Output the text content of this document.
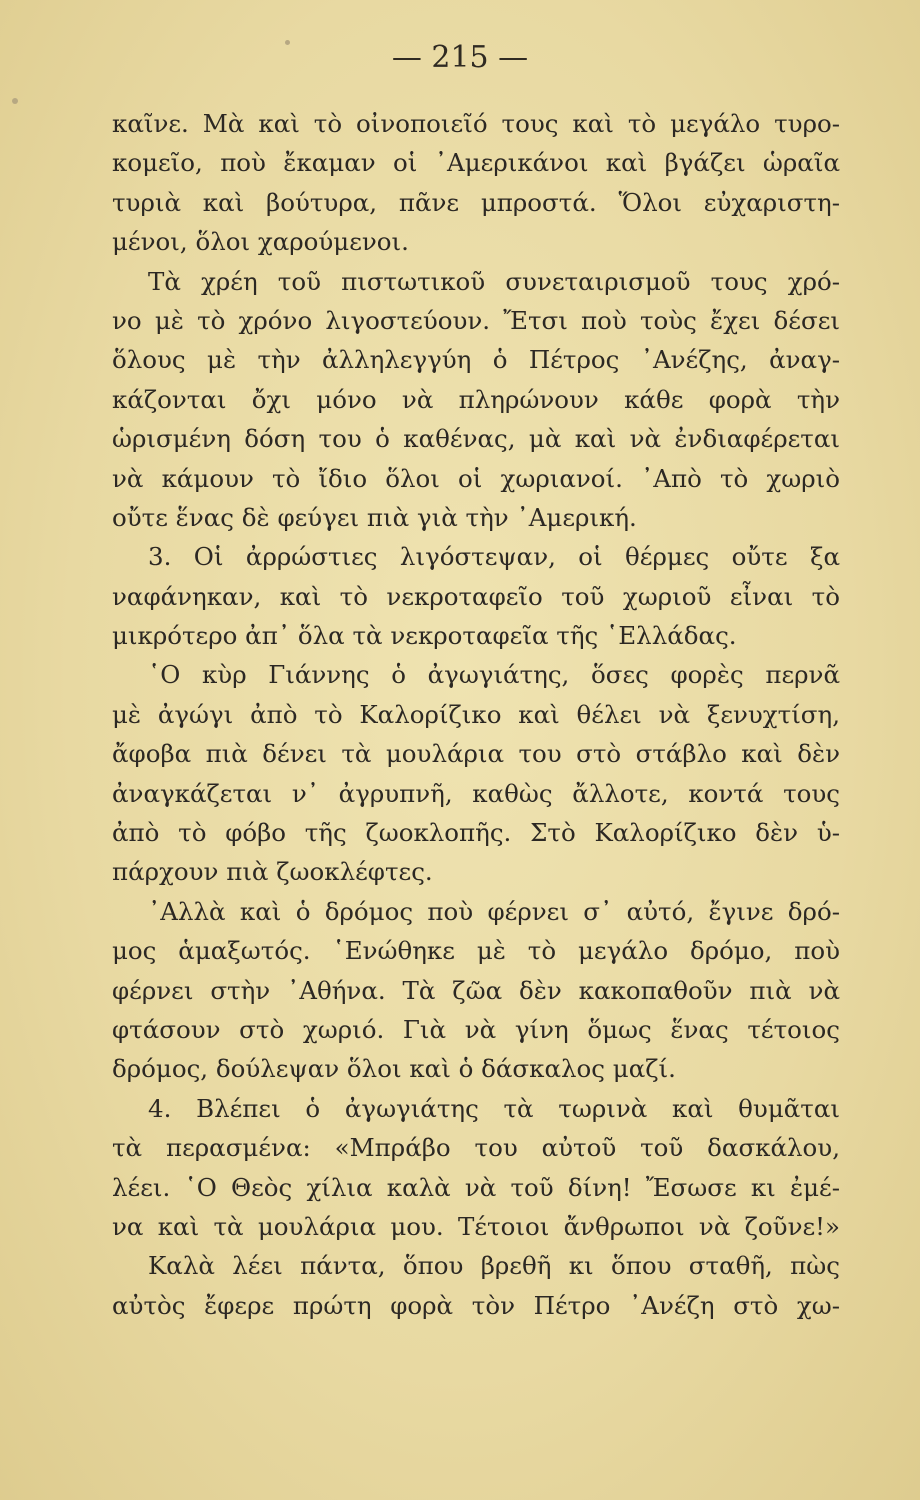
— 215 —
καῖνε. Μὰ καὶ τὸ οἰνοποιεῖό τους καὶ τὸ μεγάλο τυρο-
κομεῖο, ποὺ ἔκαμαν οἱ ᾿Αμερικάνοι καὶ βγάζει ὡραῖα
τυριὰ καὶ βούτυρα, πᾶνε μπροστά. Ὅλοι εὐχαριστη-
μένοι, ὅλοι χαρούμενοι.
Τὰ χρέη τοῦ πιστωτικοῦ συνεταιρισμοῦ τους χρό-
νο μὲ τὸ χρόνο λιγοστεύουν. Ἔτσι ποὺ τοὺς ἔχει δέσει
ὅλους μὲ τὴν ἀλληλεγγύη ὁ Πέτρος ᾿Ανέζης, ἀναγ-
κάζονται ὄχι μόνο νὰ πληρώνουν κάθε φορὰ τὴν
ὡρισμένη δόση του ὁ καθένας, μὰ καὶ νὰ ἐνδιαφέρεται
νὰ κάμουν τὸ ἴδιο ὅλοι οἱ χωριανοί. ᾿Απὸ τὸ χωριὸ
οὔτε ἕνας δὲ φεύγει πιὰ γιὰ τὴν ᾿Αμερική.
3. Οἱ ἀρρώστιες λιγόστεψαν, οἱ θέρμες οὔτε ξα
ναφάνηκαν, καὶ τὸ νεκροταφεῖο τοῦ χωριοῦ εἶναι τὸ
μικρότερο ἀπ᾿ ὅλα τὰ νεκροταφεῖα τῆς ῾Ελλάδας.
῾Ο κὺρ Γιάννης ὁ ἀγωγιάτης, ὅσες φορὲς περνᾶ
μὲ ἀγώγι ἀπὸ τὸ Καλορίζικο καὶ θέλει νὰ ξενυχτίση,
ἄφοβα πιὰ δένει τὰ μουλάρια του στὸ στάβλο καὶ δὲν
ἀναγκάζεται ν᾿ ἀγρυπνῆ, καθὼς ἄλλοτε, κοντά τους
ἀπὸ τὸ φόβο τῆς ζωοκλοπῆς. Στὸ Καλορίζικο δὲν ὑ-
πάρχουν πιὰ ζωοκλέφτες.
᾿Αλλὰ καὶ ὁ δρόμος ποὺ φέρνει σ᾿ αὐτό, ἔγινε δρό-
μος ἁμαξωτός. ῾Ενώθηκε μὲ τὸ μεγάλο δρόμο, ποὺ
φέρνει στὴν ᾿Αθήνα. Τὰ ζῶα δὲν κακοπαθοῦν πιὰ νὰ
φτάσουν στὸ χωριό. Γιὰ νὰ γίνη ὅμως ἕνας τέτοιος
δρόμος, δούλεψαν ὅλοι καὶ ὁ δάσκαλος μαζί.
4. Βλέπει ὁ ἀγωγιάτης τὰ τωρινὰ καὶ θυμᾶται
τὰ περασμένα: «Μπράβο του αὐτοῦ τοῦ δασκάλου,
λέει. ῾Ο Θεὸς χίλια καλὰ νὰ τοῦ δίνη! Ἔσωσε κι ἐμέ-
να καὶ τὰ μουλάρια μου. Τέτοιοι ἄνθρωποι νὰ ζοῦνε!»
Καλὰ λέει πάντα, ὅπου βρεθῆ κι ὅπου σταθῆ, πὼς
αὐτὸς ἔφερε πρώτη φορὰ τὸν Πέτρο ᾿Ανέζη στὸ χω-
